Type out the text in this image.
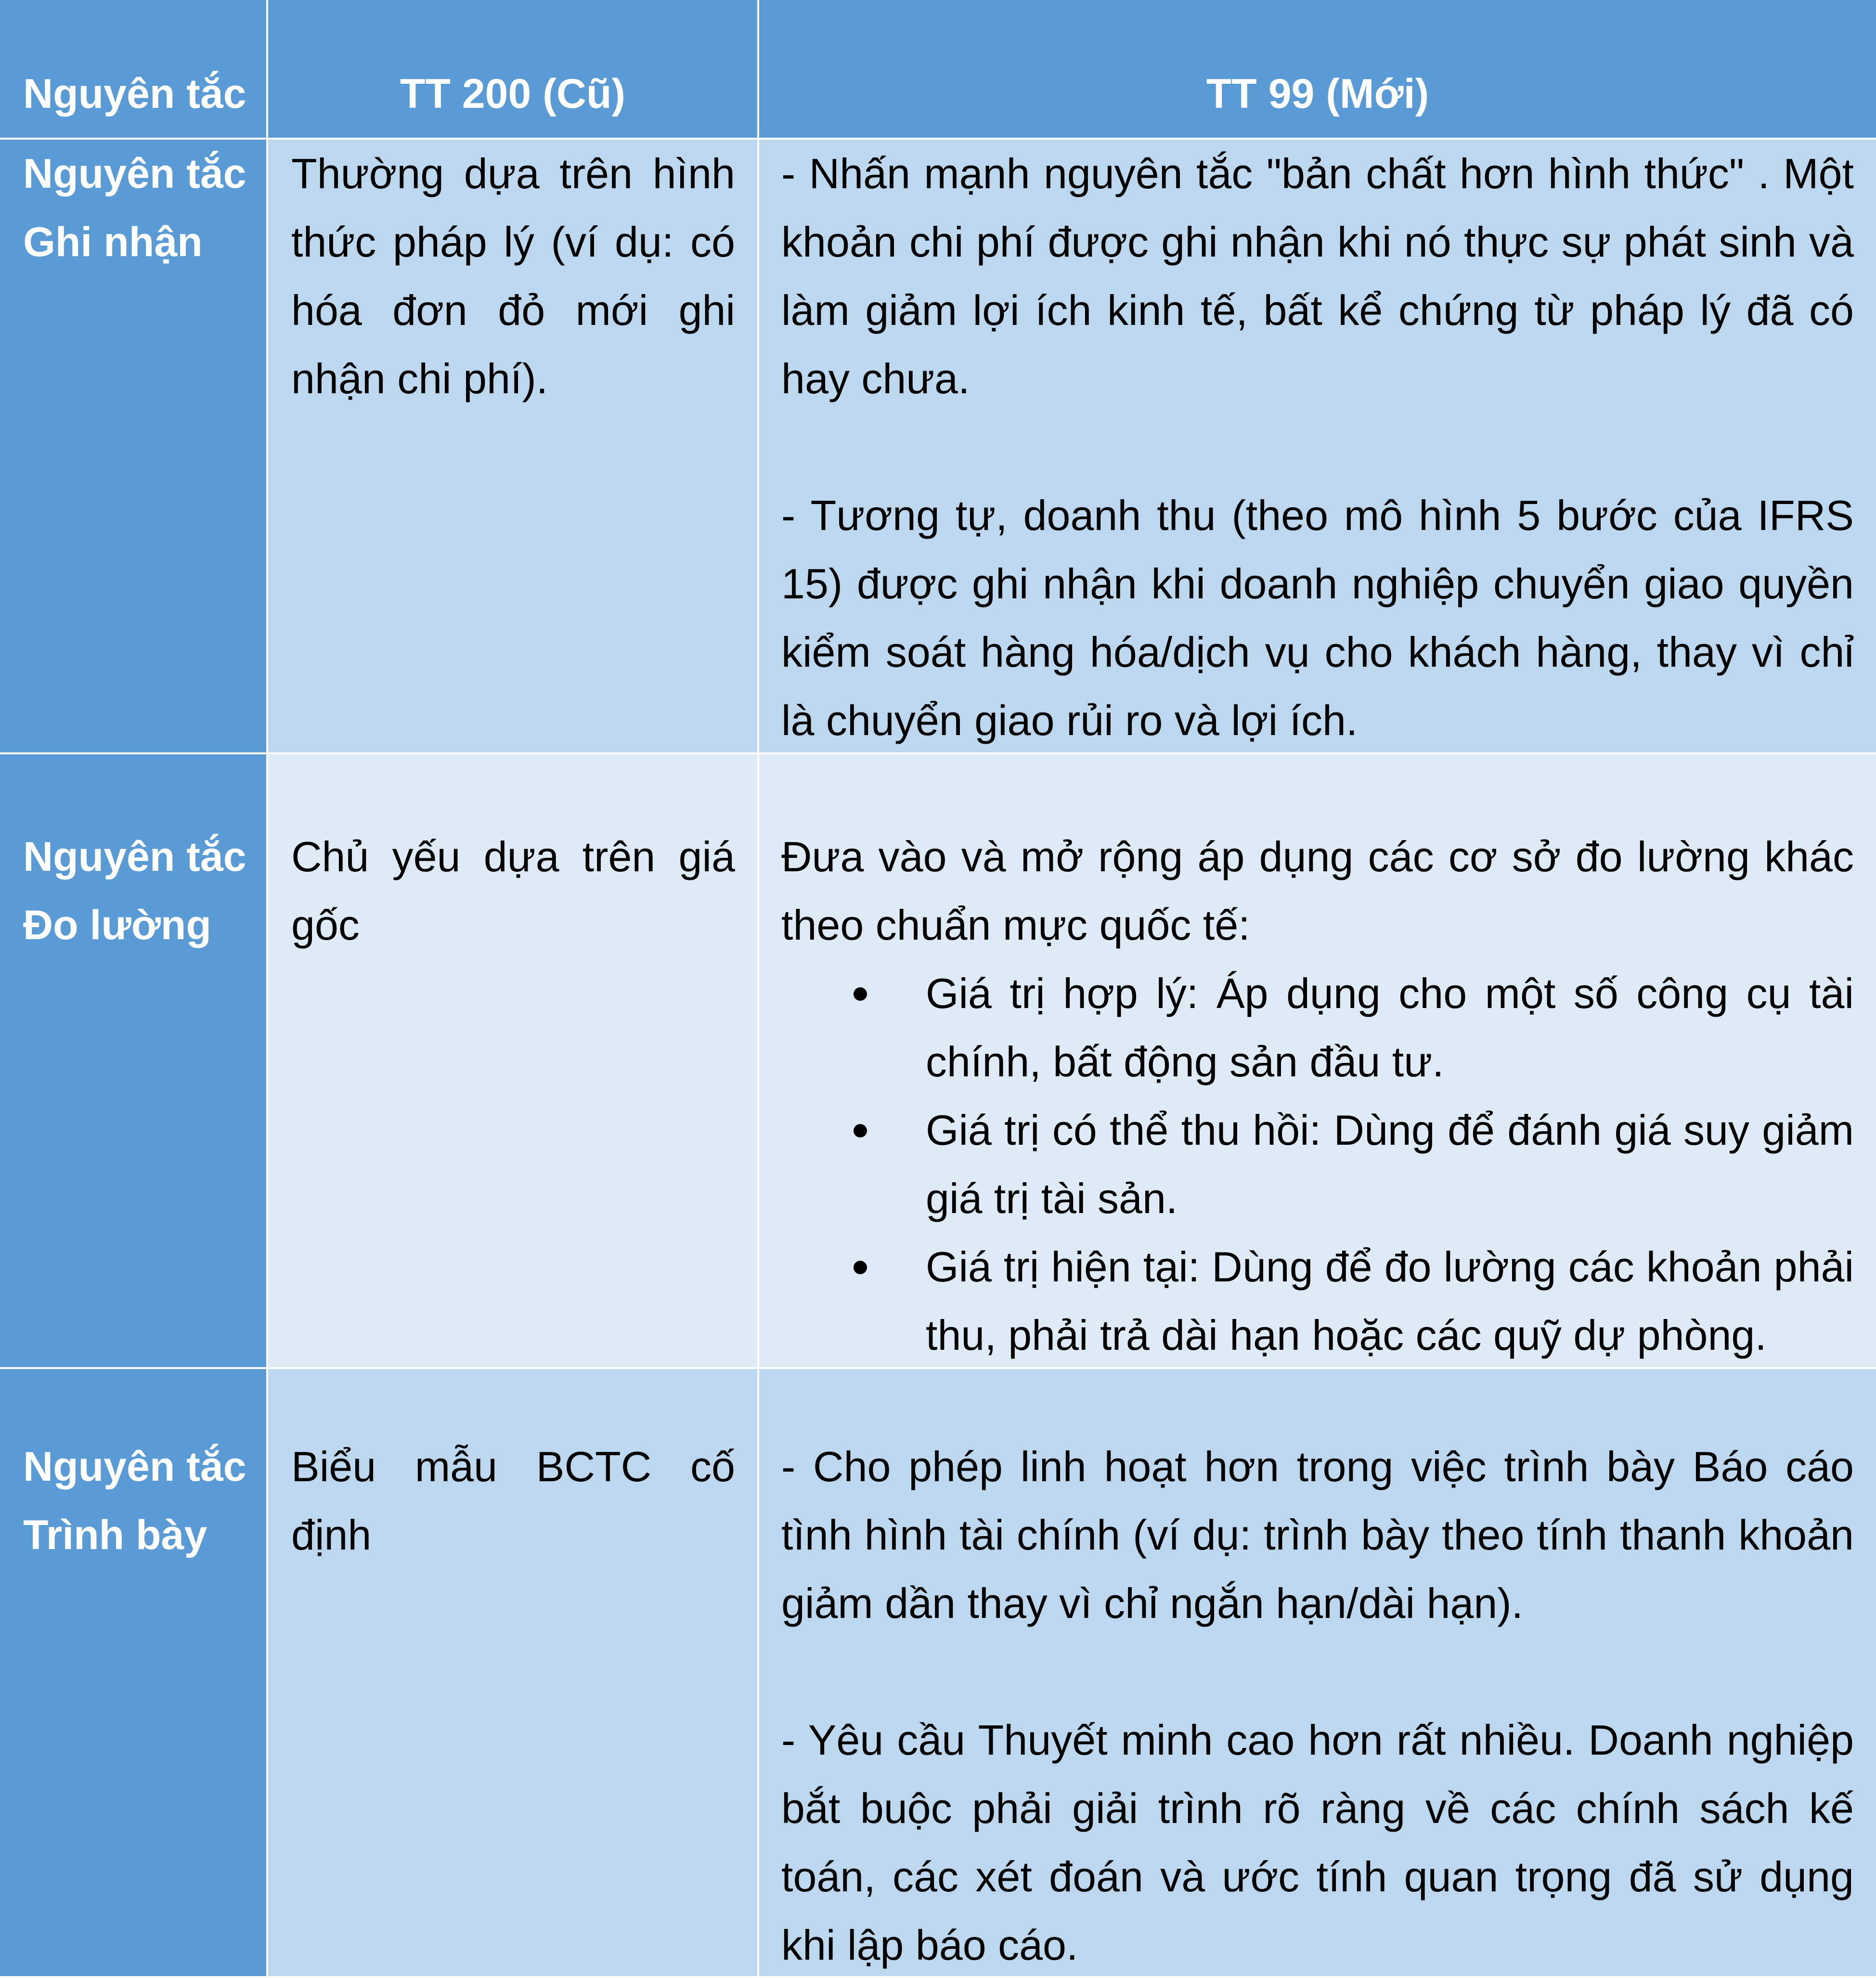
Nguyên tắc	TT 200 (Cũ)	TT 99 (Mới)
Nguyên tắc
Ghi nhận

Thường dựa trên hình thức pháp lý (ví dụ: có hóa đơn đỏ mới ghi nhận chi phí).

- Nhấn mạnh nguyên tắc "bản chất hơn hình thức" . Một khoản chi phí được ghi nhận khi nó thực sự phát sinh và làm giảm lợi ích kinh tế, bất kể chứng từ pháp lý đã có hay chưa.

- Tương tự, doanh thu (theo mô hình 5 bước của IFRS 15) được ghi nhận khi doanh nghiệp chuyển giao quyền kiểm soát hàng hóa/dịch vụ cho khách hàng, thay vì chỉ là chuyển giao rủi ro và lợi ích.

Nguyên tắc
Đo lường

Chủ yếu dựa trên giá gốc

Đưa vào và mở rộng áp dụng các cơ sở đo lường khác theo chuẩn mực quốc tế:

Giá trị hợp lý: Áp dụng cho một số công cụ tài chính, bất động sản đầu tư.
Giá trị có thể thu hồi: Dùng để đánh giá suy giảm giá trị tài sản.
Giá trị hiện tại: Dùng để đo lường các khoản phải thu, phải trả dài hạn hoặc các quỹ dự phòng.
Nguyên tắc
Trình bày

Biểu mẫu BCTC cố định

- Cho phép linh hoạt hơn trong việc trình bày Báo cáo tình hình tài chính (ví dụ: trình bày theo tính thanh khoản giảm dần thay vì chỉ ngắn hạn/dài hạn).

- Yêu cầu Thuyết minh cao hơn rất nhiều. Doanh nghiệp bắt buộc phải giải trình rõ ràng về các chính sách kế toán, các xét đoán và ước tính quan trọng đã sử dụng khi lập báo cáo.
